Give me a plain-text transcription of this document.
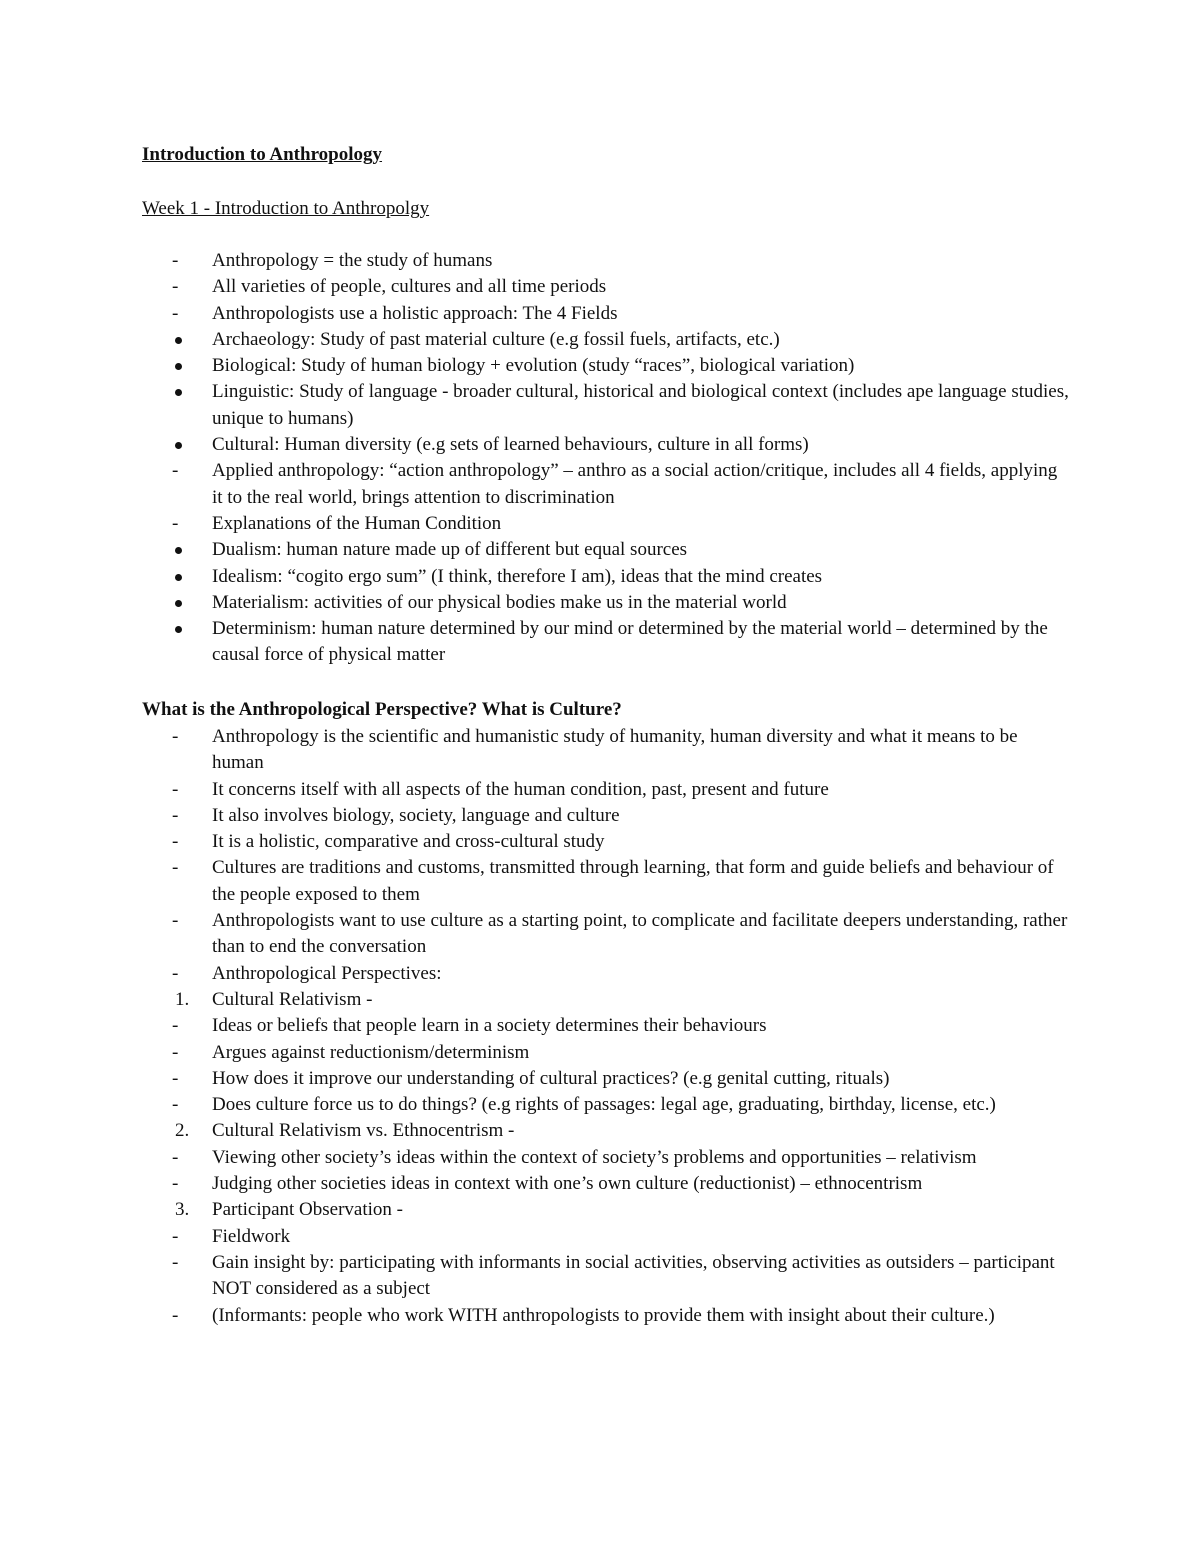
Introduction to Anthropology
Week 1 - Introduction to Anthropolgy
-
Anthropology = the study of humans
-
All varieties of people, cultures and all time periods
-
Anthropologists use a holistic approach: The 4 Fields
Archaeology: Study of past material culture (e.g fossil fuels, artifacts, etc.)
Biological: Study of human biology + evolution (study “races”, biological variation)
Linguistic: Study of language - broader cultural, historical and biological context (includes ape language studies, unique to humans)
Cultural: Human diversity (e.g sets of learned behaviours, culture in all forms)
-
Applied anthropology: “action anthropology” – anthro as a social action/critique, includes all 4 fields, applying it to the real world, brings attention to discrimination
-
Explanations of the Human Condition
Dualism: human nature made up of different but equal sources
Idealism: “cogito ergo sum” (I think, therefore I am), ideas that the mind creates
Materialism: activities of our physical bodies make us in the material world
Determinism: human nature determined by our mind or determined by the material world – determined by the causal force of physical matter
What is the Anthropological Perspective? What is Culture?
-
Anthropology is the scientific and humanistic study of humanity, human diversity and what it means to be human
-
It concerns itself with all aspects of the human condition, past, present and future
-
It also involves biology, society, language and culture
-
It is a holistic, comparative and cross-cultural study
-
Cultures are traditions and customs, transmitted through learning, that form and guide beliefs and behaviour of the people exposed to them
-
Anthropologists want to use culture as a starting point, to complicate and facilitate deepers understanding, rather than to end the conversation
-
Anthropological Perspectives:
1.	Cultural Relativism -
-
Ideas or beliefs that people learn in a society determines their behaviours
-
Argues against reductionism/determinism
-
How does it improve our understanding of cultural practices? (e.g genital cutting, rituals)
-
Does culture force us to do things? (e.g rights of passages: legal age, graduating, birthday, license, etc.)
2.	Cultural Relativism vs. Ethnocentrism -
-
Viewing other society’s ideas within the context of society’s problems and opportunities – relativism
-
Judging other societies ideas in context with one’s own culture (reductionist) – ethnocentrism
3.	Participant Observation -
-
Fieldwork
-
Gain insight by: participating with informants in social activities, observing activities as outsiders – participant NOT considered as a subject
-
(Informants: people who work WITH anthropologists to provide them with insight about their culture.)
